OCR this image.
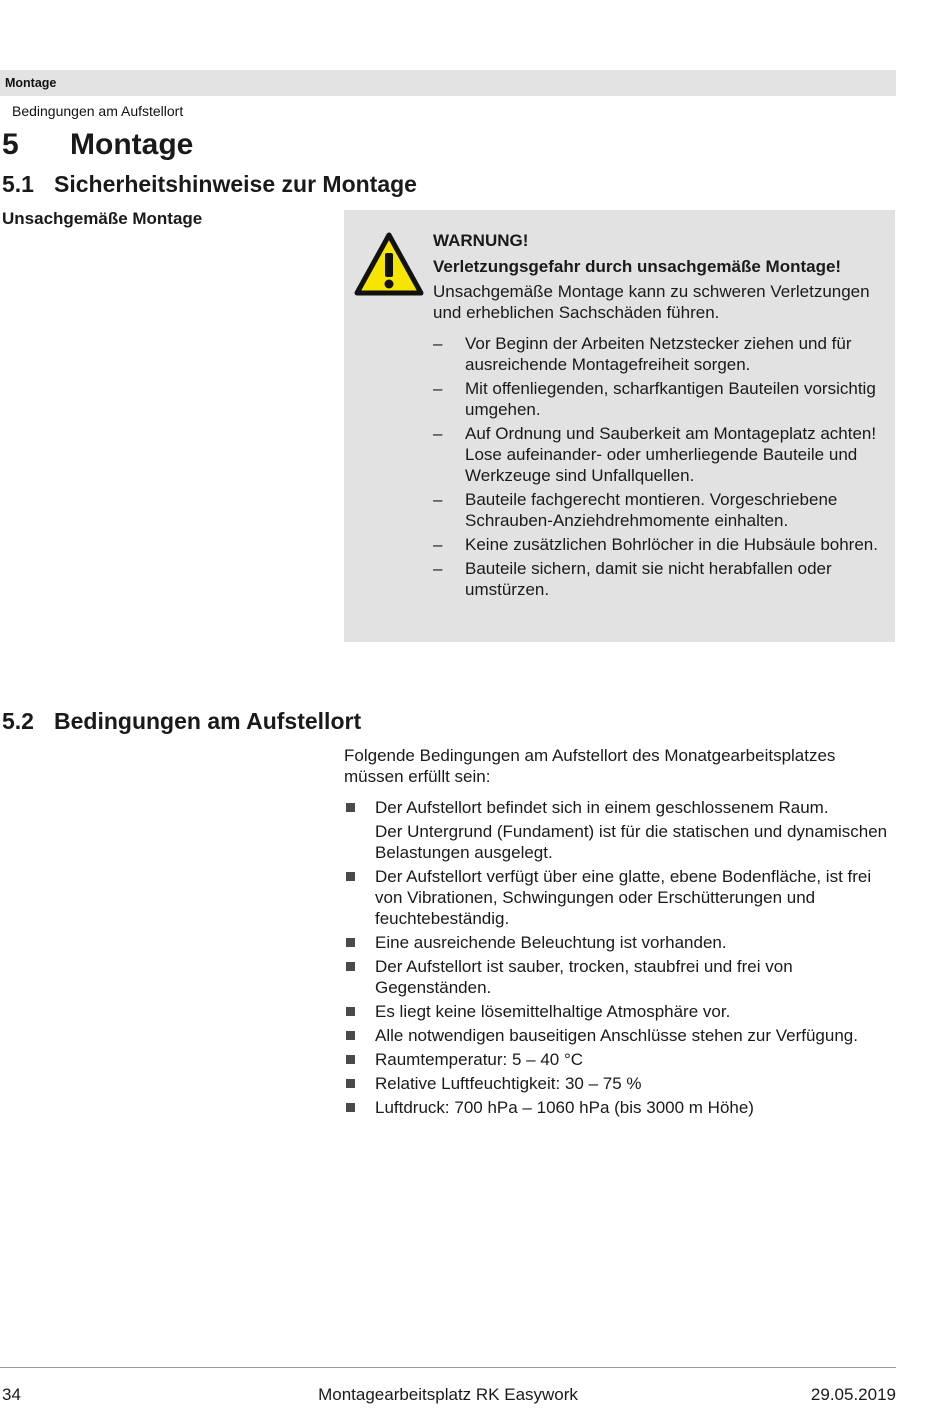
Montage
Bedingungen am Aufstellort
5 Montage
5.1 Sicherheitshinweise zur Montage
Unsachgemäße Montage
WARNUNG!
Verletzungsgefahr durch unsachgemäße Montage!
Unsachgemäße Montage kann zu schweren Verletzungen und erheblichen Sachschäden führen.
– Vor Beginn der Arbeiten Netzstecker ziehen und für ausreichende Montagefreiheit sorgen.
– Mit offenliegenden, scharfkantigen Bauteilen vorsichtig umgehen.
– Auf Ordnung und Sauberkeit am Montageplatz achten! Lose aufeinander- oder umherliegende Bauteile und Werkzeuge sind Unfallquellen.
– Bauteile fachgerecht montieren. Vorgeschriebene Schrauben-Anziehdrehmomente einhalten.
– Keine zusätzlichen Bohrlöcher in die Hubsäule bohren.
– Bauteile sichern, damit sie nicht herabfallen oder umstürzen.
5.2 Bedingungen am Aufstellort
Folgende Bedingungen am Aufstellort des Monatgearbeitsplatzes müssen erfüllt sein:
Der Aufstellort befindet sich in einem geschlossenem Raum.
Der Untergrund (Fundament) ist für die statischen und dynamischen Belastungen ausgelegt.
Der Aufstellort verfügt über eine glatte, ebene Bodenfläche, ist frei von Vibrationen, Schwingungen oder Erschütterungen und feuchtebeständig.
Eine ausreichende Beleuchtung ist vorhanden.
Der Aufstellort ist sauber, trocken, staubfrei und frei von Gegenständen.
Es liegt keine lösemittelhaltige Atmosphäre vor.
Alle notwendigen bauseitigen Anschlüsse stehen zur Verfügung.
Raumtemperatur: 5 – 40 °C
Relative Luftfeuchtigkeit: 30 – 75 %
Luftdruck: 700 hPa – 1060 hPa (bis 3000 m Höhe)
34	Montagearbeitsplatz RK Easywork	29.05.2019
